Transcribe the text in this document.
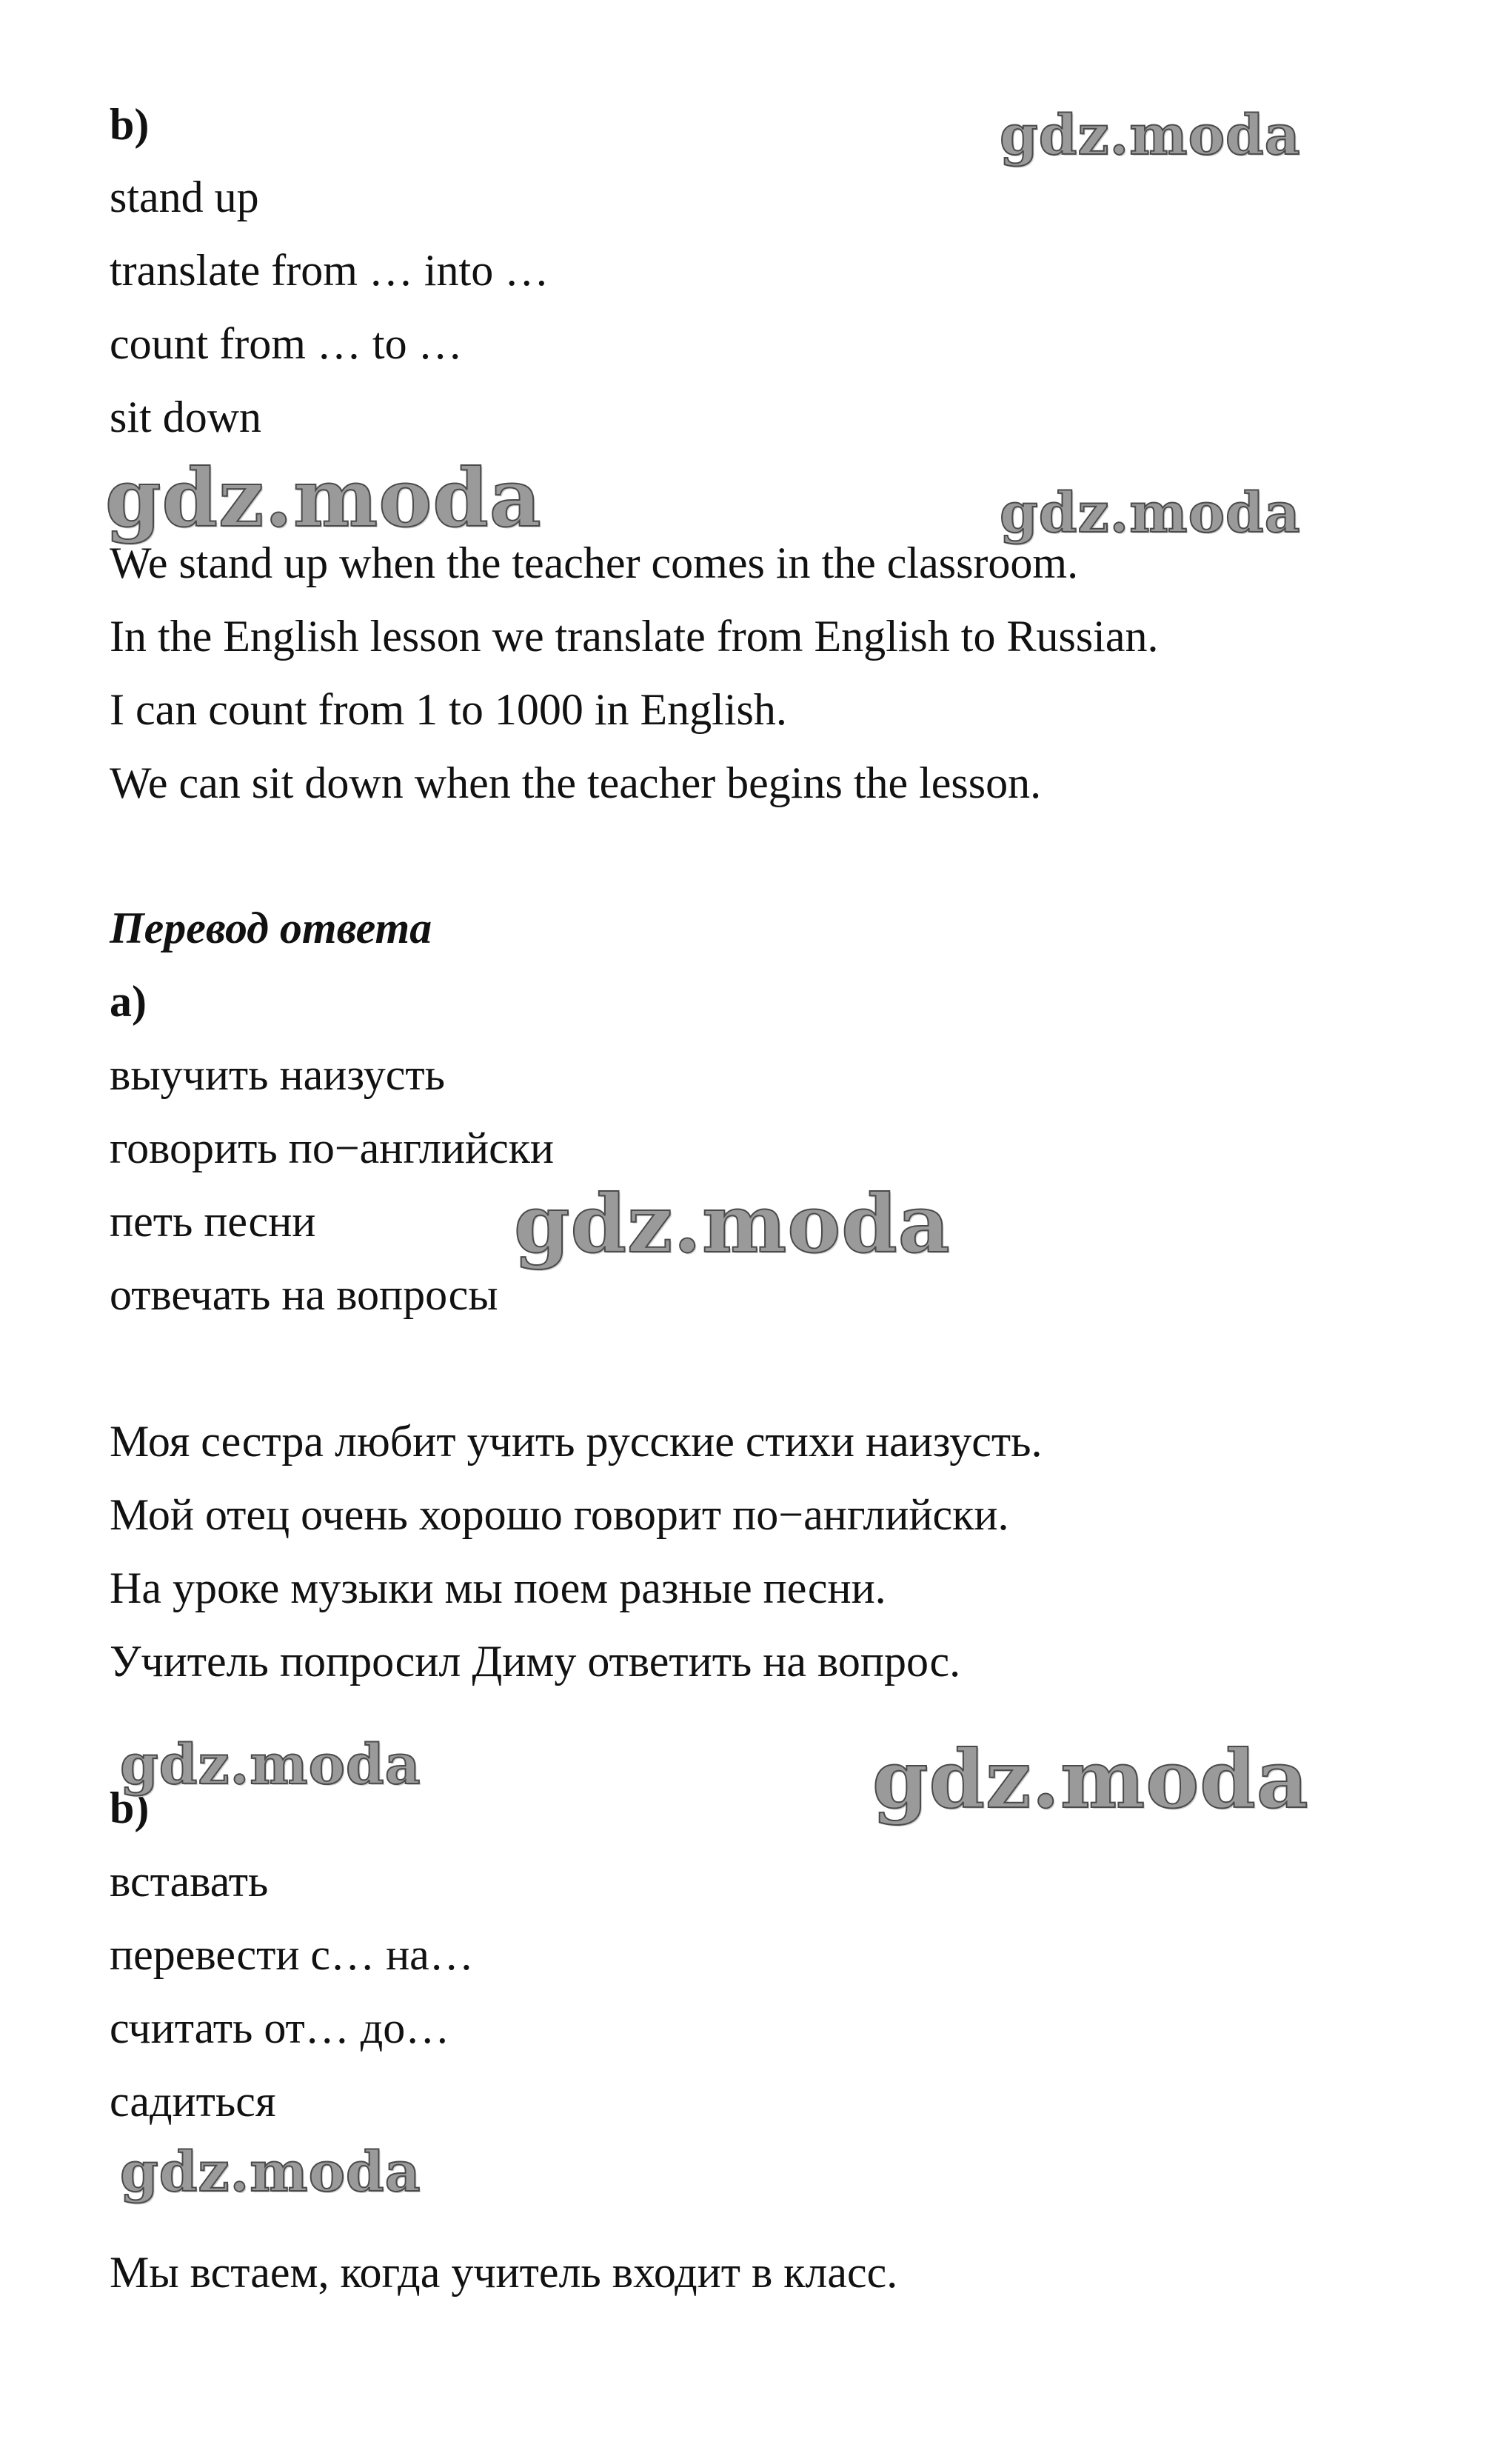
b)
stand up
translate from … into …
count from … to …
sit down
We stand up when the teacher comes in the classroom.
In the English lesson we translate from English to Russian.
I can count from 1 to 1000 in English.
We can sit down when the teacher begins the lesson.
Перевод ответа
а)
выучить наизусть
говорить по−английски
петь песни
отвечать на вопросы
Моя сестра любит учить русские стихи наизусть.
Мой отец очень хорошо говорит по−английски.
На уроке музыки мы поем разные песни.
Учитель попросил Диму ответить на вопрос.
b)
вставать
перевести с… на…
считать от… до…
садиться
Мы встаем, когда учитель входит в класс.
gdz.moda
gdz.moda	gdz.moda
gdz.moda
gdz.moda	gdz.moda
gdz.moda
